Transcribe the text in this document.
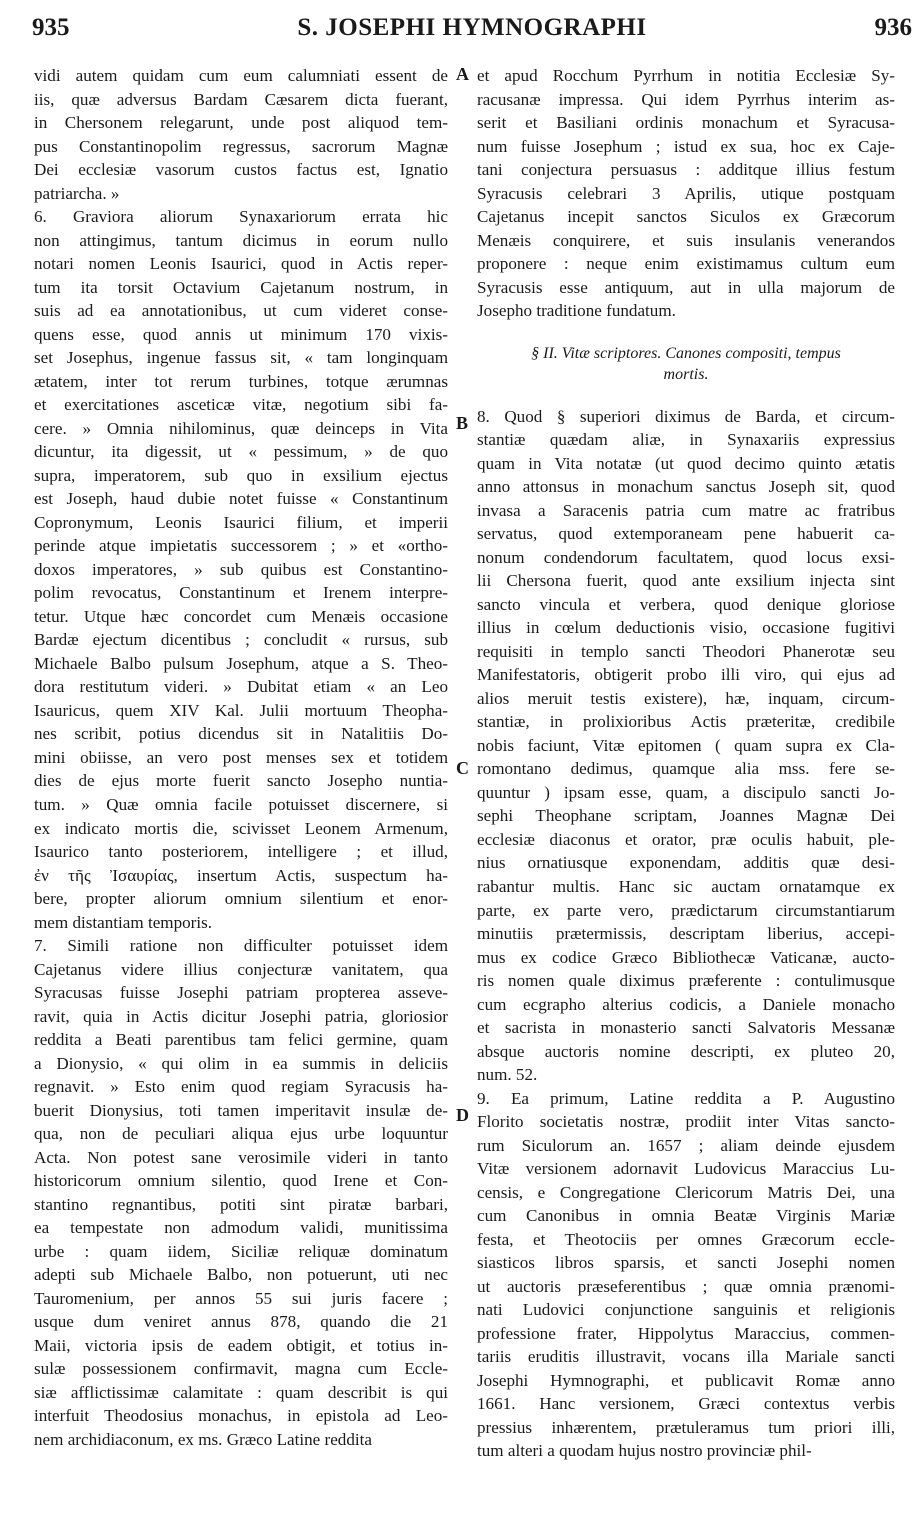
935	S. JOSEPHI HYMNOGRAPHI	936
A
B
C
D
vidi autem quidam cum eum calumniati essent de
iis, quæ adversus Bardam Cæsarem dicta fuerant,
in Chersonem relegarunt, unde post aliquod tem-
pus Constantinopolim regressus, sacrorum Magnæ
Dei ecclesiæ vasorum custos factus est, Ignatio
patriarcha. »
6. Graviora aliorum Synaxariorum errata hic
non attingimus, tantum dicimus in eorum nullo
notari nomen Leonis Isaurici, quod in Actis reper-
tum ita torsit Octavium Cajetanum nostrum, in
suis ad ea annotationibus, ut cum videret conse-
quens esse, quod annis ut minimum 170 vixis-
set Josephus, ingenue fassus sit, « tam longinquam
ætatem, inter tot rerum turbines, totque ærumnas
et exercitationes asceticæ vitæ, negotium sibi fa-
cere. » Omnia nihilominus, quæ deinceps in Vita
dicuntur, ita digessit, ut « pessimum, » de quo
supra, imperatorem, sub quo in exsilium ejectus
est Joseph, haud dubie notet fuisse « Constantinum
Copronymum, Leonis Isaurici filium, et imperii
perinde atque impietatis successorem ; » et «ortho-
doxos imperatores, » sub quibus est Constantino-
polim revocatus, Constantinum et Irenem interpre-
tetur. Utque hæc concordet cum Menæis occasione
Bardæ ejectum dicentibus ; concludit « rursus, sub
Michaele Balbo pulsum Josephum, atque a S. Theo-
dora restitutum videri. » Dubitat etiam « an Leo
Isauricus, quem XIV Kal. Julii mortuum Theopha-
nes scribit, potius dicendus sit in Natalitiis Do-
mini obiisse, an vero post menses sex et totidem
dies de ejus morte fuerit sancto Josepho nuntia-
tum. » Quæ omnia facile potuisset discernere, si
ex indicato mortis die, scivisset Leonem Armenum,
Isaurico tanto posteriorem, intelligere ; et illud,
ἐν τῆς Ἰσαυρίας, insertum Actis, suspectum ha-
bere, propter aliorum omnium silentium et enor-
mem distantiam temporis.
7. Simili ratione non difficulter potuisset idem
Cajetanus videre illius conjecturæ vanitatem, qua
Syracusas fuisse Josephi patriam propterea asseve-
ravit, quia in Actis dicitur Josephi patria, gloriosior
reddita a Beati parentibus tam felici germine, quam
a Dionysio, « qui olim in ea summis in deliciis
regnavit. » Esto enim quod regiam Syracusis ha-
buerit Dionysius, toti tamen imperitavit insulæ de-
qua, non de peculiari aliqua ejus urbe loquuntur
Acta. Non potest sane verosimile videri in tanto
historicorum omnium silentio, quod Irene et Con-
stantino regnantibus, potiti sint piratæ barbari,
ea tempestate non admodum validi, munitissima
urbe : quam iidem, Siciliæ reliquæ dominatum
adepti sub Michaele Balbo, non potuerunt, uti nec
Tauromenium, per annos 55 sui juris facere ;
usque dum veniret annus 878, quando die 21
Maii, victoria ipsis de eadem obtigit, et totius in-
sulæ possessionem confirmavit, magna cum Eccle-
siæ afflictissimæ calamitate : quam describit is qui
interfuit Theodosius monachus, in epistola ad Leo-
nem archidiaconum, ex ms. Græco Latine reddita
et apud Rocchum Pyrrhum in notitia Ecclesiæ Sy-
racusanæ impressa. Qui idem Pyrrhus interim as-
serit et Basiliani ordinis monachum et Syracusa-
num fuisse Josephum ; istud ex sua, hoc ex Caje-
tani conjectura persuasus : additque illius festum
Syracusis celebrari 3 Aprilis, utique postquam
Cajetanus incepit sanctos Siculos ex Græcorum
Menæis conquirere, et suis insulanis venerandos
proponere : neque enim existimamus cultum eum
Syracusis esse antiquum, aut in ulla majorum de
Josepho traditione fundatum.
§ II. Vitæ scriptores. Canones compositi, tempus
mortis.
8. Quod § superiori diximus de Barda, et circum-
stantiæ quædam aliæ, in Synaxariis expressius
quam in Vita notatæ (ut quod decimo quinto ætatis
anno attonsus in monachum sanctus Joseph sit, quod
invasa a Saracenis patria cum matre ac fratribus
servatus, quod extemporaneam pene habuerit ca-
nonum condendorum facultatem, quod locus exsi-
lii Chersona fuerit, quod ante exsilium injecta sint
sancto vincula et verbera, quod denique gloriose
illius in cœlum deductionis visio, occasione fugitivi
requisiti in templo sancti Theodori Phanerotæ seu
Manifestatoris, obtigerit probo illi viro, qui ejus ad
alios meruit testis existere), hæ, inquam, circum-
stantiæ, in prolixioribus Actis præteritæ, credibile
nobis faciunt, Vitæ epitomen ( quam supra ex Cla-
romontano dedimus, quamque alia mss. fere se-
quuntur ) ipsam esse, quam, a discipulo sancti Jo-
sephi Theophane scriptam, Joannes Magnæ Dei
ecclesiæ diaconus et orator, præ oculis habuit, ple-
nius ornatiusque exponendam, additis quæ desi-
rabantur multis. Hanc sic auctam ornatamque ex
parte, ex parte vero, prædictarum circumstantiarum
minutiis prætermissis, descriptam liberius, accepi-
mus ex codice Græco Bibliothecæ Vaticanæ, aucto-
ris nomen quale diximus præferente : contulimusque
cum ecgrapho alterius codicis, a Daniele monacho
et sacrista in monasterio sancti Salvatoris Messanæ
absque auctoris nomine descripti, ex pluteo 20,
num. 52.
9. Ea primum, Latine reddita a P. Augustino
Florito societatis nostræ, prodiit inter Vitas sancto-
rum Siculorum an. 1657 ; aliam deinde ejusdem
Vitæ versionem adornavit Ludovicus Maraccius Lu-
censis, e Congregatione Clericorum Matris Dei, una
cum Canonibus in omnia Beatæ Virginis Mariæ
festa, et Theotociis per omnes Græcorum eccle-
siasticos libros sparsis, et sancti Josephi nomen
ut auctoris præseferentibus ; quæ omnia prænomi-
nati Ludovici conjunctione sanguinis et religionis
professione frater, Hippolytus Maraccius, commen-
tariis eruditis illustravit, vocans illa Mariale sancti
Josephi Hymnographi, et publicavit Romæ anno
1661. Hanc versionem, Græci contextus verbis
pressius inhærentem, prætuleramus tum priori illi,
tum alteri a quodam hujus nostro provinciæ phil-
